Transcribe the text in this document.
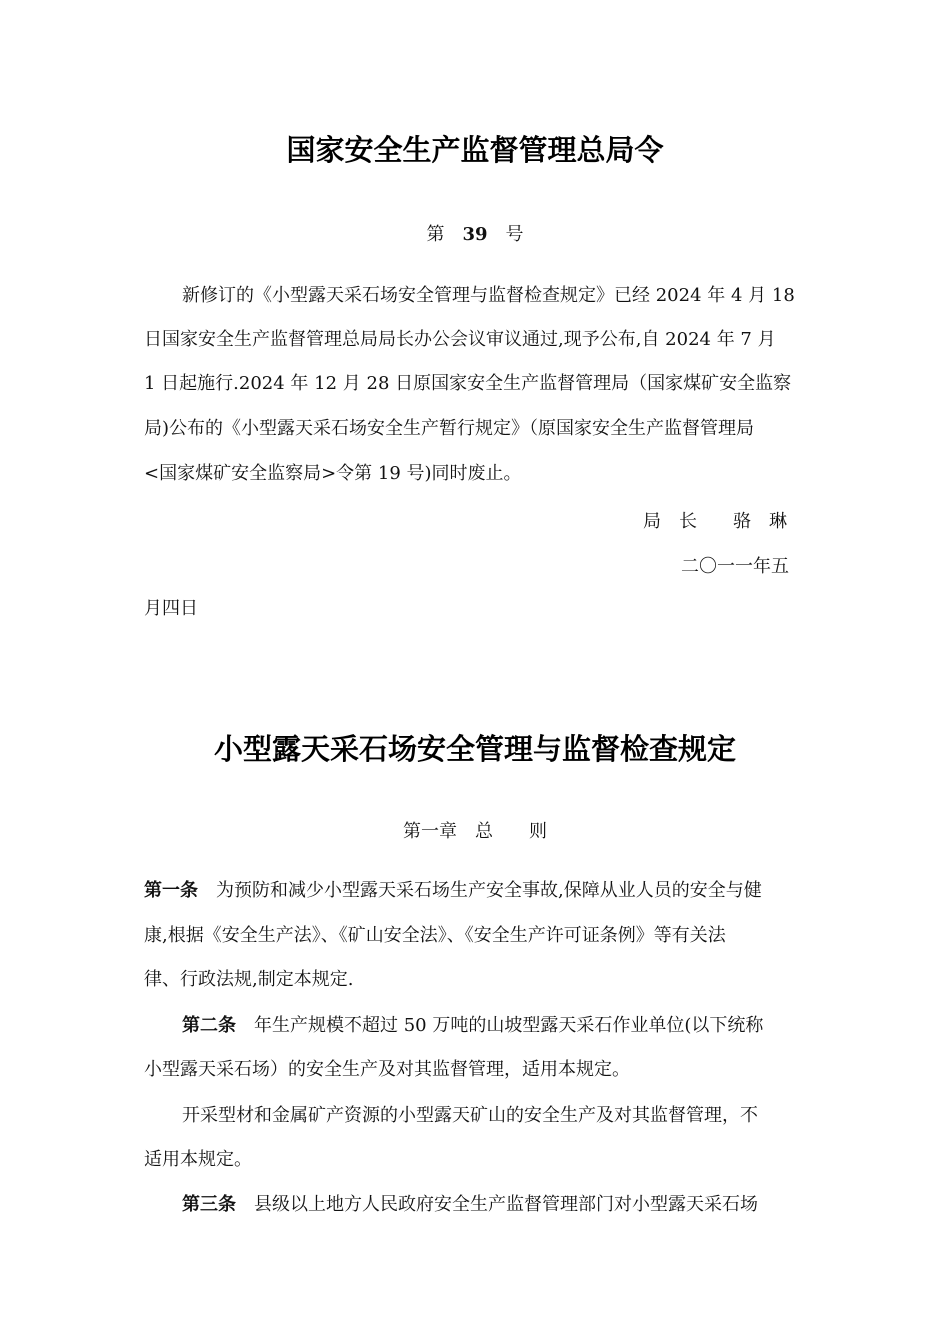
国家安全生产监督管理总局令
第 39 号
新修订的《小型露天采石场安全管理与监督检查规定》已经 2024 年 4 月 18
日国家安全生产监督管理总局局长办公会议审议通过,现予公布,自 2024 年 7 月
1 日起施行.2024 年 12 月 28 日原国家安全生产监督管理局（国家煤矿安全监察
局)公布的《小型露天采石场安全生产暂行规定》（原国家安全生产监督管理局
<国家煤矿安全监察局>令第 19 号)同时废止。
局　长　　骆　琳
二〇一一年五
月四日
小型露天采石场安全管理与监督检查规定
第一章　总　　则
第一条 为预防和减少小型露天采石场生产安全事故,保障从业人员的安全与健
康,根据《安全生产法》、《矿山安全法》、《安全生产许可证条例》等有关法
律、行政法规,制定本规定.
第二条 年生产规模不超过 50 万吨的山坡型露天采石作业单位(以下统称
小型露天采石场）的安全生产及对其监督管理，适用本规定。
开采型材和金属矿产资源的小型露天矿山的安全生产及对其监督管理，不
适用本规定。
第三条 县级以上地方人民政府安全生产监督管理部门对小型露天采石场
